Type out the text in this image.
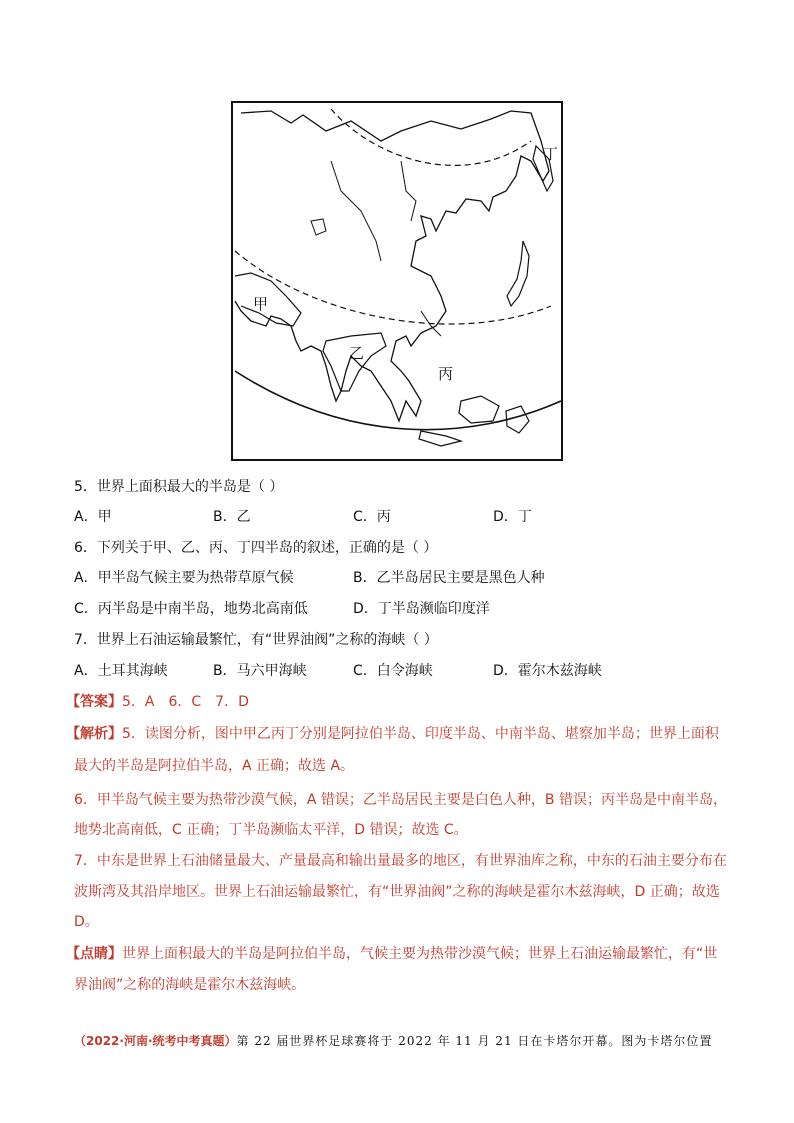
甲
乙
丙
丁
5．世界上面积最大的半岛是（ ）
A．甲	B．乙	C．丙	D．丁
6．下列关于甲、乙、丙、丁四半岛的叙述，正确的是（ ）
A．甲半岛气候主要为热带草原气候	B．乙半岛居民主要是黑色人种
C．丙半岛是中南半岛，地势北高南低	D．丁半岛濒临印度洋
7．世界上石油运输最繁忙，有“世界油阀”之称的海峡（ ）
A．土耳其海峡	B．马六甲海峡	C．白令海峡	D．霍尔木兹海峡
【答案】5．A　6．C　7．D
【解析】5．读图分析，图中甲乙丙丁分别是阿拉伯半岛、印度半岛、中南半岛、堪察加半岛；世界上面积
最大的半岛是阿拉伯半岛，A 正确；故选 A。
6．甲半岛气候主要为热带沙漠气候，A 错误；乙半岛居民主要是白色人种，B 错误；丙半岛是中南半岛，
地势北高南低，C 正确；丁半岛濒临太平洋，D 错误；故选 C。
7．中东是世界上石油储量最大、产量最高和输出量最多的地区，有世界油库之称，中东的石油主要分布在
波斯湾及其沿岸地区。世界上石油运输最繁忙，有“世界油阀”之称的海峡是霍尔木兹海峡，D 正确；故选
D。
【点睛】世界上面积最大的半岛是阿拉伯半岛，气候主要为热带沙漠气候；世界上石油运输最繁忙，有“世
界油阀”之称的海峡是霍尔木兹海峡。
（2022·河南·统考中考真题）第 22 届世界杯足球赛将于 2022 年 11 月 21 日在卡塔尔开幕。图为卡塔尔位置
